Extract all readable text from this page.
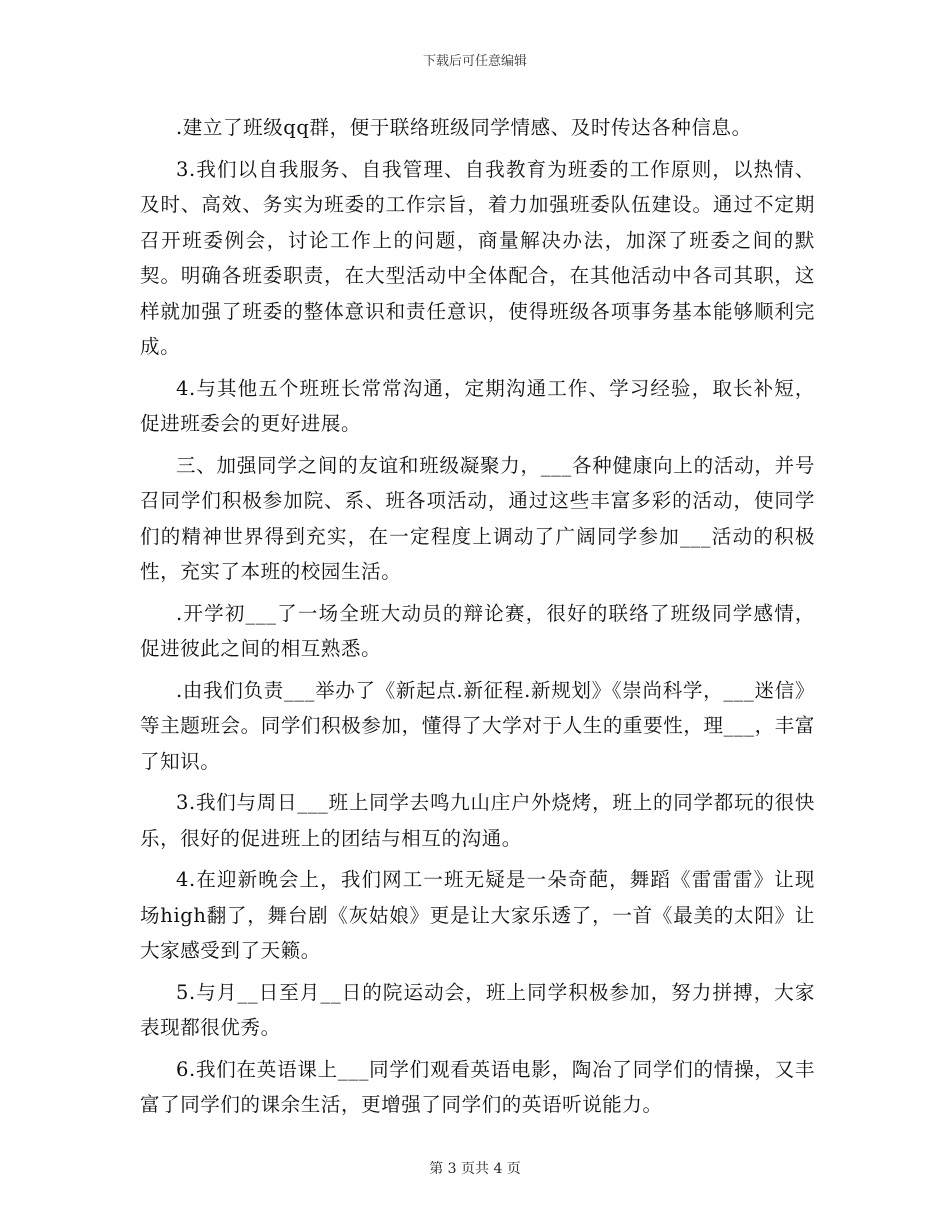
下载后可任意编辑

.建立了班级qq群，便于联络班级同学情感、及时传达各种信息。

3.我们以自我服务、自我管理、自我教育为班委的工作原则，以热情、及时、高效、务实为班委的工作宗旨，着力加强班委队伍建设。通过不定期召开班委例会，讨论工作上的问题，商量解决办法，加深了班委之间的默契。明确各班委职责，在大型活动中全体配合，在其他活动中各司其职，这样就加强了班委的整体意识和责任意识，使得班级各项事务基本能够顺利完成。

4.与其他五个班班长常常沟通，定期沟通工作、学习经验，取长补短，促进班委会的更好进展。

三、加强同学之间的友谊和班级凝聚力，___各种健康向上的活动，并号召同学们积极参加院、系、班各项活动，通过这些丰富多彩的活动，使同学们的精神世界得到充实，在一定程度上调动了广阔同学参加___活动的积极性，充实了本班的校园生活。

.开学初___了一场全班大动员的辩论赛，很好的联络了班级同学感情，促进彼此之间的相互熟悉。

.由我们负责___举办了《新起点.新征程.新规划》《崇尚科学，___迷信》等主题班会。同学们积极参加，懂得了大学对于人生的重要性，理___，丰富了知识。

3.我们与周日___班上同学去鸣九山庄户外烧烤，班上的同学都玩的很快乐，很好的促进班上的团结与相互的沟通。

4.在迎新晚会上，我们网工一班无疑是一朵奇葩，舞蹈《雷雷雷》让现场high翻了，舞台剧《灰姑娘》更是让大家乐透了，一首《最美的太阳》让大家感受到了天籁。

5.与月__日至月__日的院运动会，班上同学积极参加，努力拼搏，大家表现都很优秀。

6.我们在英语课上___同学们观看英语电影，陶冶了同学们的情操，又丰富了同学们的课余生活，更增强了同学们的英语听说能力。

第 3 页共 4 页
